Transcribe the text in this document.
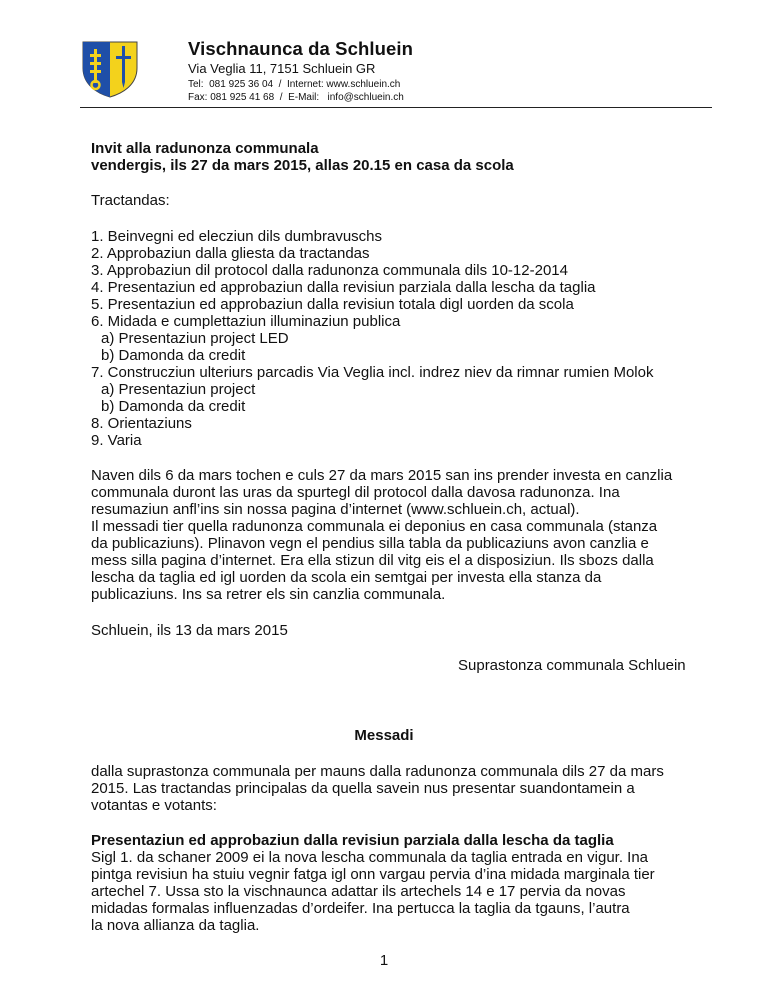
Vischnaunca da Schluein
Via Veglia 11, 7151 Schluein GR
Tel:  081 925 36 04  /  Internet: www.schluein.ch
Fax: 081 925 41 68  /  E-Mail:   info@schluein.ch
Invit alla radunonza communala
vendergis, ils 27 da mars 2015, allas 20.15 en casa da scola
Tractandas:
1. Beinvegni ed elecziun dils dumbravuschs
2. Approbaziun dalla gliesta da tractandas
3. Approbaziun dil protocol dalla radunonza communala dils 10-12-2014
4. Presentaziun ed approbaziun dalla revisiun parziala dalla lescha da taglia
5. Presentaziun ed approbaziun dalla revisiun totala digl uorden da scola
6. Midada e cumplettaziun illuminaziun publica
a) Presentaziun project LED
b) Damonda da credit
7. Construcziun ulteriurs parcadis Via Veglia incl. indrez niev da rimnar rumien Molok
a) Presentaziun project
b) Damonda da credit
8. Orientaziuns
9. Varia
Naven dils 6 da mars tochen e culs 27 da mars 2015 san ins prender investa en canzlia
communala duront las uras da spurtegl dil protocol dalla davosa radunonza. Ina
resumaziun anfl’ins sin nossa pagina d’internet (www.schluein.ch, actual).
Il messadi tier quella radunonza communala ei deponius en casa communala (stanza
da publicaziuns). Plinavon vegn el pendius silla tabla da publicaziuns avon canzlia e
mess silla pagina d’internet. Era ella stizun dil vitg eis el a disposiziun. Ils sbozs dalla
lescha da taglia ed igl uorden da scola ein semtgai per investa ella stanza da
publicaziuns. Ins sa retrer els sin canzlia communala.
Schluein, ils 13 da mars 2015
Suprastonza communala Schluein
Messadi
dalla suprastonza communala per mauns dalla radunonza communala dils 27 da mars
2015. Las tractandas principalas da quella savein nus presentar suandontamein a
votantas e votants:
Presentaziun ed approbaziun dalla revisiun parziala dalla lescha da taglia
Sigl 1. da schaner 2009 ei la nova lescha communala da taglia entrada en vigur. Ina
pintga revisiun ha stuiu vegnir fatga igl onn vargau pervia d’ina midada marginala tier
artechel 7. Ussa sto la vischnaunca adattar ils artechels 14 e 17 pervia da novas
midadas formalas influenzadas d’ordeifer. Ina pertucca la taglia da tgauns, l’autra
la nova allianza da taglia.
1
